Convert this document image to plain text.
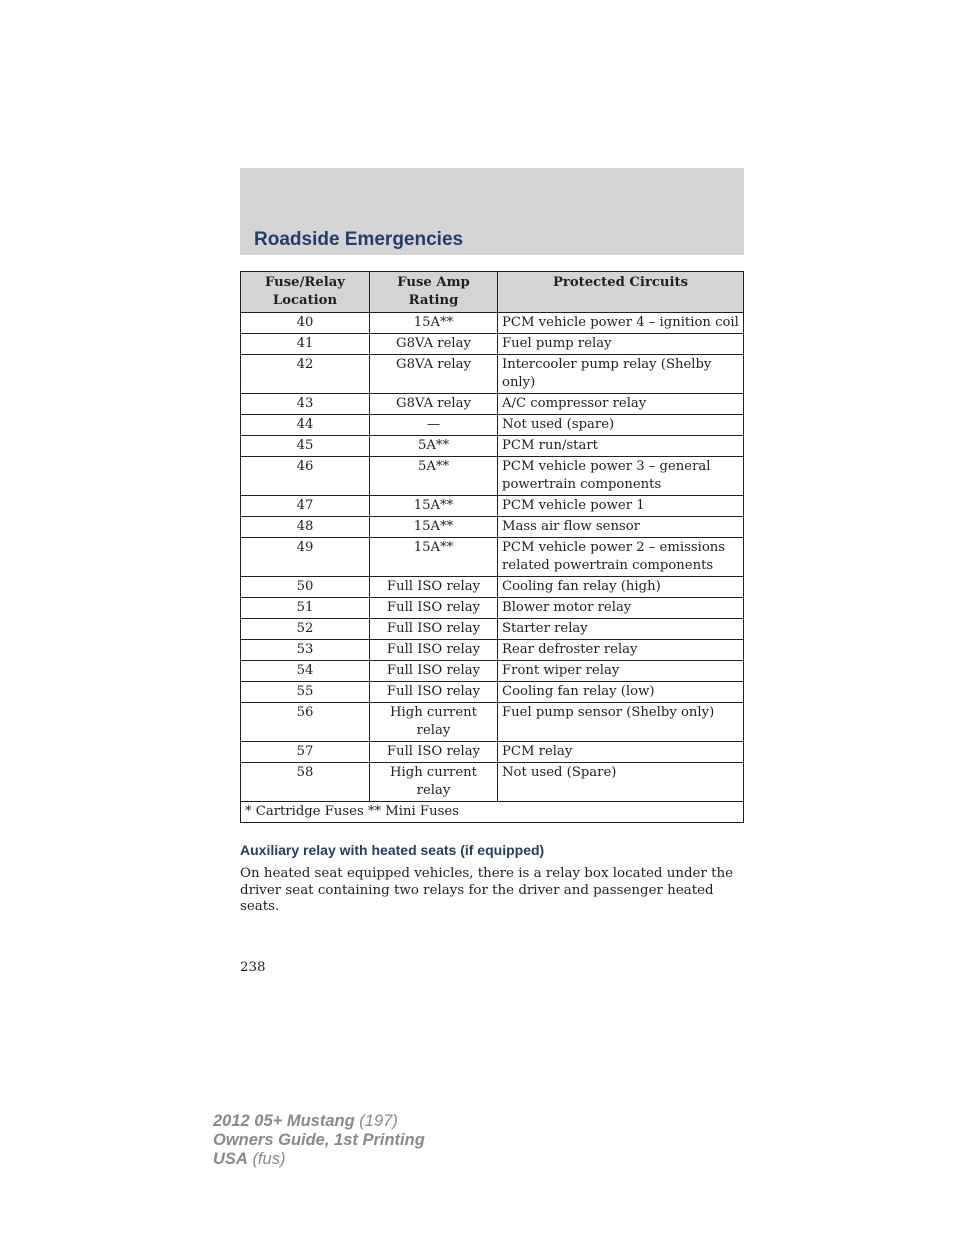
Roadside Emergencies
Fuse/Relay Location	Fuse Amp Rating	Protected Circuits
40	15A**	PCM vehicle power 4 – ignition coil
41	G8VA relay	Fuel pump relay
42	G8VA relay	Intercooler pump relay (Shelby only)
43	G8VA relay	A/C compressor relay
44	—	Not used (spare)
45	5A**	PCM run/start
46	5A**	PCM vehicle power 3 – general powertrain components
47	15A**	PCM vehicle power 1
48	15A**	Mass air flow sensor
49	15A**	PCM vehicle power 2 – emissions related powertrain components
50	Full ISO relay	Cooling fan relay (high)
51	Full ISO relay	Blower motor relay
52	Full ISO relay	Starter relay
53	Full ISO relay	Rear defroster relay
54	Full ISO relay	Front wiper relay
55	Full ISO relay	Cooling fan relay (low)
56	High current relay	Fuel pump sensor (Shelby only)
57	Full ISO relay	PCM relay
58	High current relay	Not used (Spare)
* Cartridge Fuses ** Mini Fuses		
Auxiliary relay with heated seats (if equipped)

On heated seat equipped vehicles, there is a relay box located under the driver seat containing two relays for the driver and passenger heated seats.

238
2012 05+ Mustang (197)
Owners Guide, 1st Printing
USA (fus)
